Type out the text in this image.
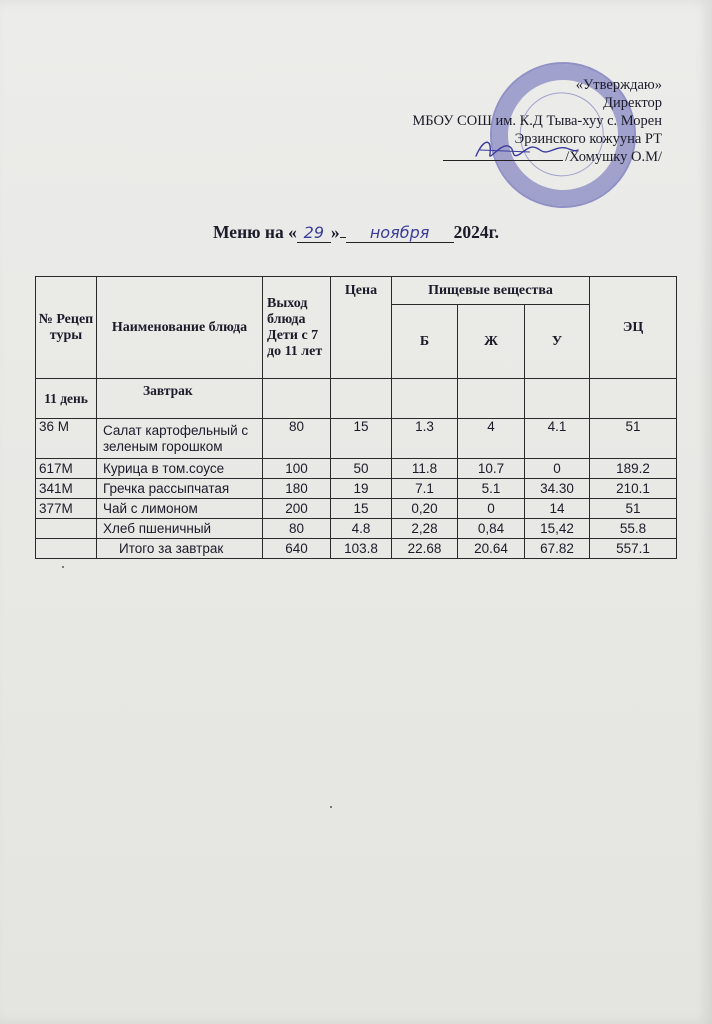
«Утверждаю»
Директор
МБОУ СОШ им. К.Д Тыва-хуу с. Морен
Эрзинского кожууна РТ
/Хомушку О.М/
Меню на « 29 » ноября 2024г.
№ Рецеп туры	Наименование блюда	Выход блюда Дети с 7 до 11 лет	Цена	Пищевые вещества			ЭЦ
				Б	Ж	У	
11 день	Завтрак						
36 М	Салат картофельный с зеленым горошком	80	15	1.3	4	4.1	51
617М	Курица в том.соусе	100	50	11.8	10.7	0	189.2
341М	Гречка рассыпчатая	180	19	7.1	5.1	34.30	210.1
377М	Чай с лимоном	200	15	0,20	0	14	51
	Хлеб пшеничный	80	4.8	2,28	0,84	15,42	55.8
	Итого за завтрак	640	103.8	22.68	20.64	67.82	557.1
